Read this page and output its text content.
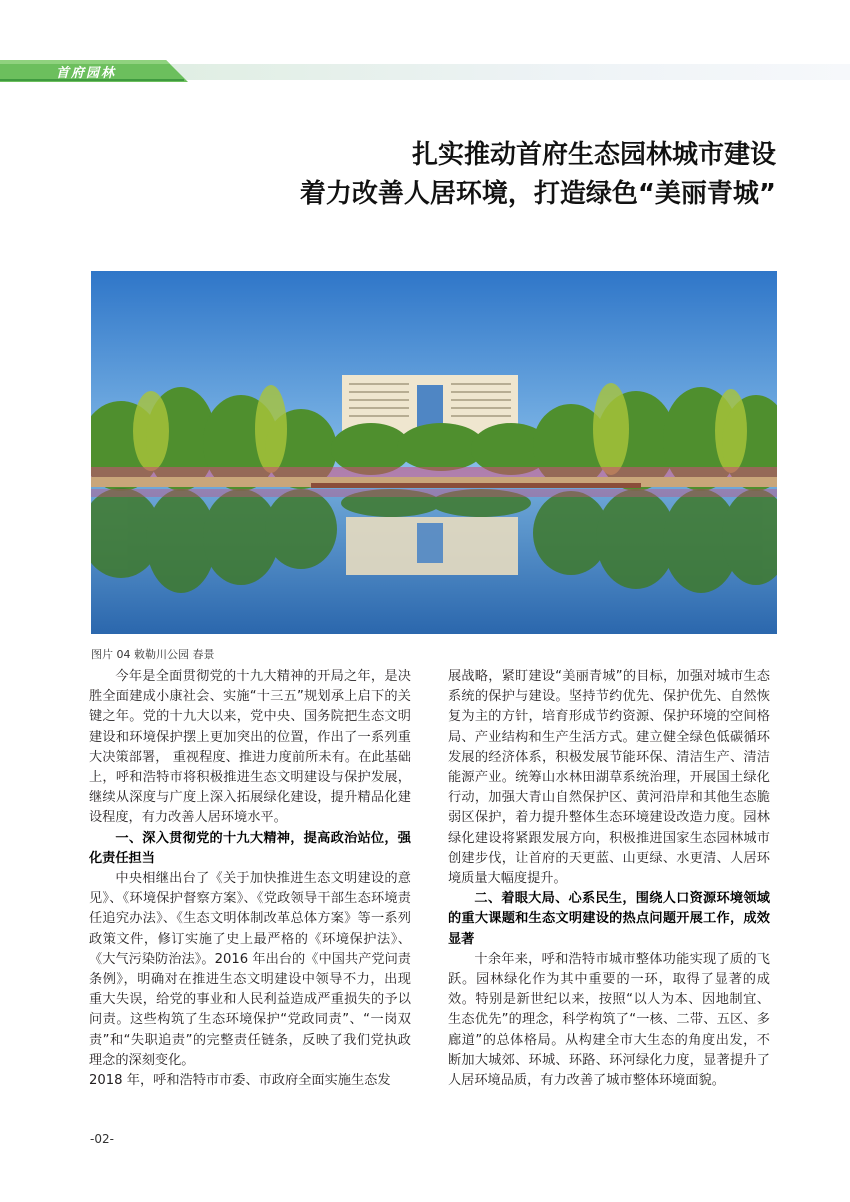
首府园林
扎实推动首府生态园林城市建设
着力改善人居环境，打造绿色“美丽青城”
图片 04 敕勒川公园 春景

今年是全面贯彻党的十九大精神的开局之年，是决胜全面建成小康社会、实施“十三五”规划承上启下的关键之年。党的十九大以来，党中央、国务院把生态文明建设和环境保护摆上更加突出的位置，作出了一系列重大决策部署， 重视程度、推进力度前所未有。在此基础上，呼和浩特市将积极推进生态文明建设与保护发展，继续从深度与广度上深入拓展绿化建设，提升精品化建设程度，有力改善人居环境水平。

一、深入贯彻党的十九大精神，提高政治站位，强化责任担当

中央相继出台了《关于加快推进生态文明建设的意见》、《环境保护督察方案》、《党政领导干部生态环境责任追究办法》、《生态文明体制改革总体方案》等一系列政策文件，修订实施了史上最严格的《环境保护法》、《大气污染防治法》。2016 年出台的《中国共产党问责条例》，明确对在推进生态文明建设中领导不力，出现重大失误，给党的事业和人民利益造成严重损失的予以问责。这些构筑了生态环境保护“党政同责”、“一岗双责”和“失职追责”的完整责任链条，反映了我们党执政理念的深刻变化。

2018 年，呼和浩特市市委、市政府全面实施生态发

展战略，紧盯建设“美丽青城”的目标，加强对城市生态系统的保护与建设。坚持节约优先、保护优先、自然恢复为主的方针，培育形成节约资源、保护环境的空间格局、产业结构和生产生活方式。建立健全绿色低碳循环发展的经济体系，积极发展节能环保、清洁生产、清洁能源产业。统筹山水林田湖草系统治理，开展国土绿化行动，加强大青山自然保护区、黄河沿岸和其他生态脆弱区保护，着力提升整体生态环境建设改造力度。园林绿化建设将紧跟发展方向，积极推进国家生态园林城市创建步伐，让首府的天更蓝、山更绿、水更清、人居环境质量大幅度提升。

二、着眼大局、心系民生，围绕人口资源环境领域的重大课题和生态文明建设的热点问题开展工作，成效显著

十余年来，呼和浩特市城市整体功能实现了质的飞跃。园林绿化作为其中重要的一环，取得了显著的成效。特别是新世纪以来，按照“以人为本、因地制宜、生态优先”的理念，科学构筑了“一核、二带、五区、多廊道”的总体格局。从构建全市大生态的角度出发，不断加大城郊、环城、环路、环河绿化力度，显著提升了人居环境品质，有力改善了城市整体环境面貌。

-02-
